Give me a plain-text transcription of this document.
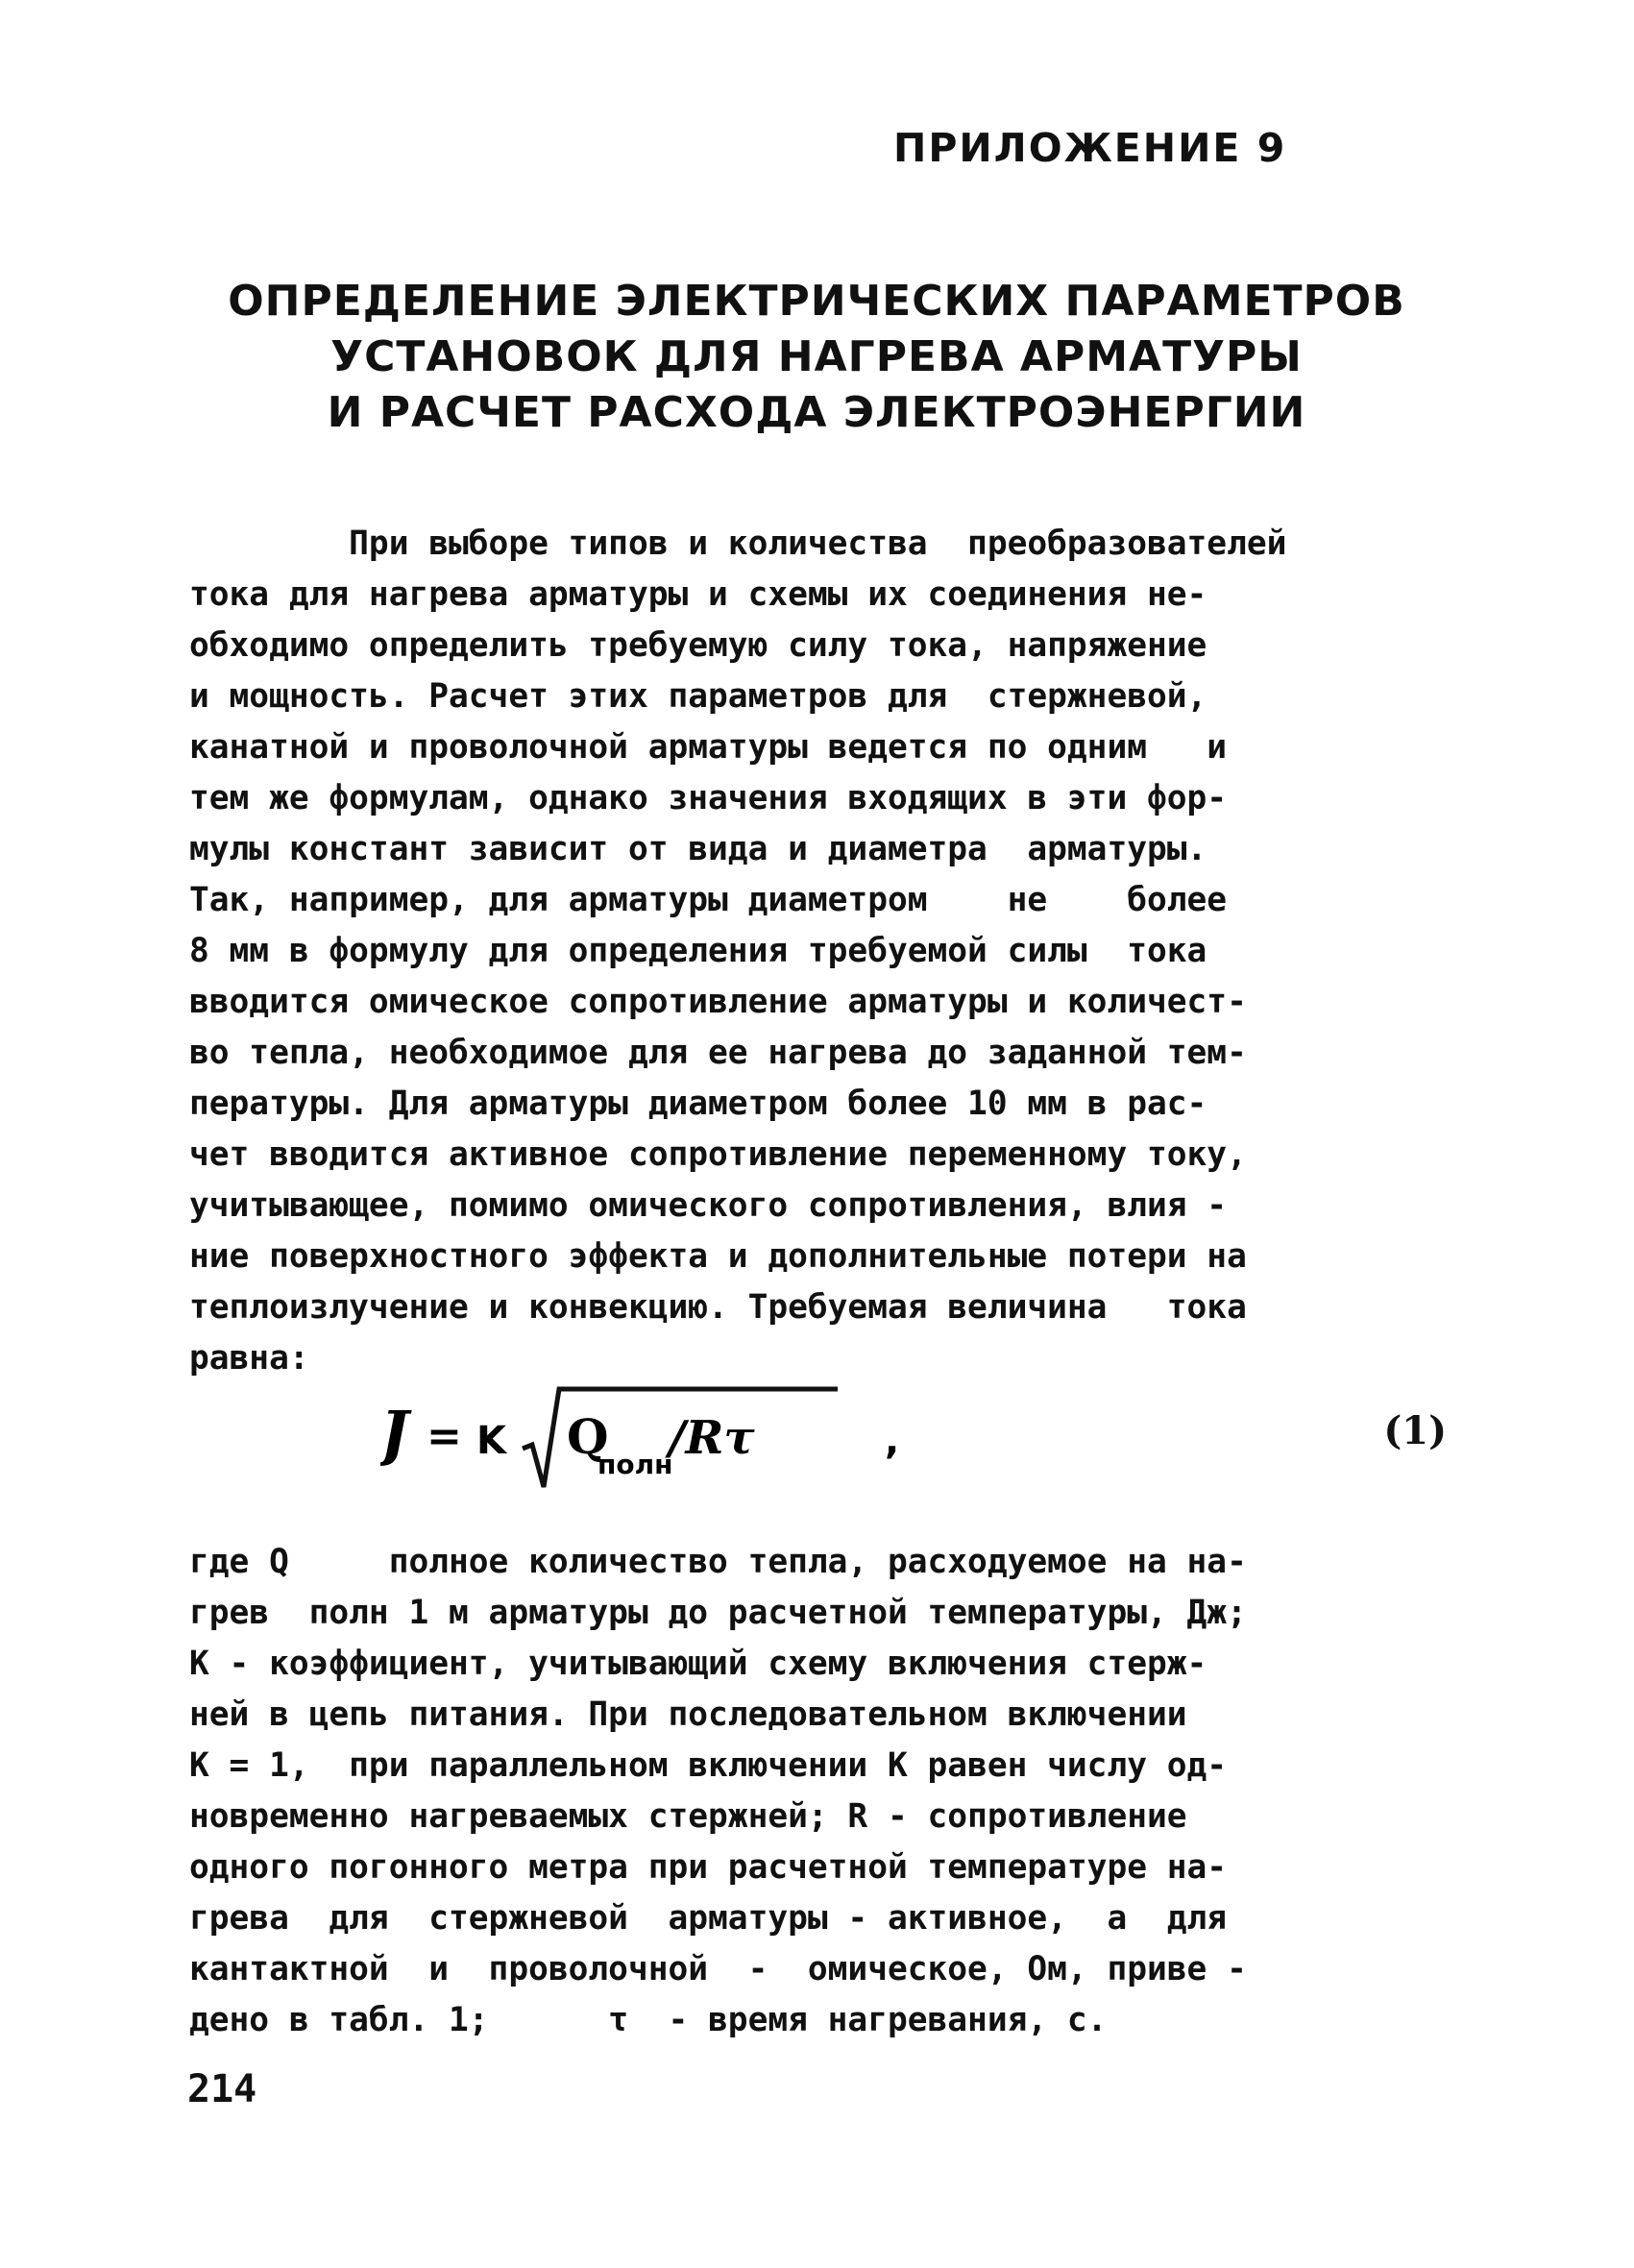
ПРИЛОЖЕНИЕ 9
ОПРЕДЕЛЕНИЕ ЭЛЕКТРИЧЕСКИХ ПАРАМЕТРОВ
УСТАНОВОК ДЛЯ НАГРЕВА АРМАТУРЫ
И РАСЧЕТ РАСХОДА ЭЛЕКТРОЭНЕРГИИ
При выборе типов и количества  преобразователей
тока для нагрева арматуры и схемы их соединения не-
обходимо определить требуемую силу тока, напряжение
и мощность. Расчет этих параметров для  стержневой,
канатной и проволочной арматуры ведется по одним   и
тем же формулам, однако значения входящих в эти фор-
мулы констант зависит от вида и диаметра  арматуры.
Так, например, для арматуры диаметром    не    более
8 мм в формулу для определения требуемой силы  тока
вводится омическое сопротивление арматуры и количест-
во тепла, необходимое для ее нагрева до заданной тем-
пературы. Для арматуры диаметром более 10 мм в рас-
чет вводится активное сопротивление переменному току,
учитывающее, помимо омического сопротивления, влия -
ние поверхностного эффекта и дополнительные потери на
теплоизлучение и конвекцию. Требуемая величина   тока
равна:
J = K Q
полн
/Rτ	,	(1)
где Q     полное количество тепла, расходуемое на на-
грев  полн 1 м арматуры до расчетной температуры, Дж;
К - коэффициент, учитывающий схему включения стерж-
ней в цепь питания. При последовательном включении
К = 1,  при параллельном включении К равен числу од-
новременно нагреваемых стержней; R - сопротивление
одного погонного метра при расчетной температуре на-
грева  для  стержневой  арматуры - активное,  а  для
кантактной  и  проволочной  -  омическое, Ом, приве -
дено в табл. 1;      τ  - время нагревания, с.
214
